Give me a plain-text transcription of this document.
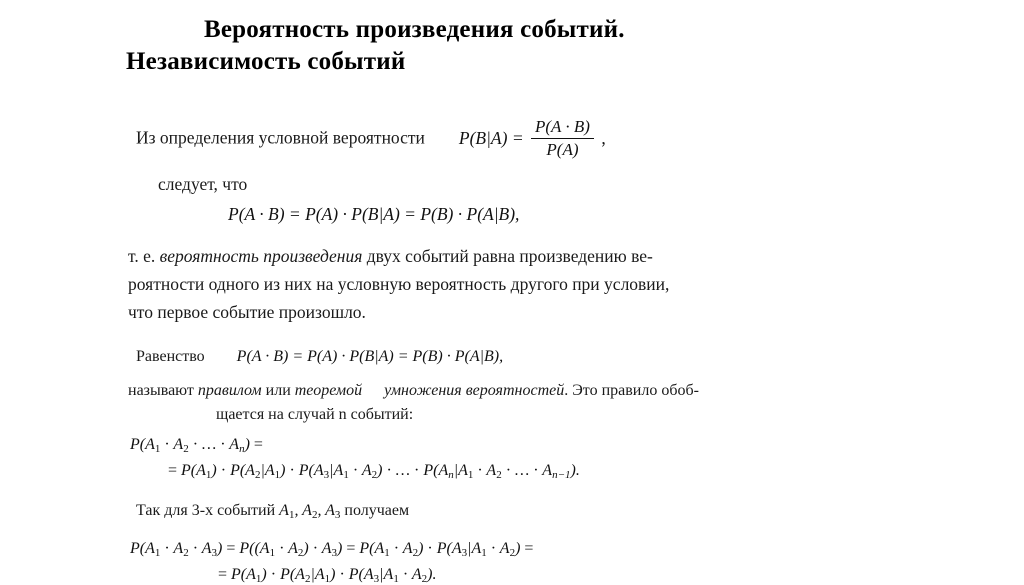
Вероятность произведения событий.
Независимость событий
Из определения условной вероятности $P(B|A) = \frac{P(A \cdot B)}{P(A)}$ ,
следует, что
P(A · B) = P(A) · P(B|A) = P(B) · P(A|B),
т. е. вероятность произведения двух событий равна произведению ве-
роятности одного из них на условную вероятность другого при условии,
что первое событие произошло.
Равенство P(A · B) = P(A) · P(B|A) = P(B) · P(A|B),
называют правилом или теоремой умножения вероятностей. Это правило обоб-
щается на случай n событий:
$P(A_1 \cdot A_2$ · … · An) =
= $P(A_1) \cdot P(A_2|A_1) \cdot P(A_3|A_1 \cdot A_2)$ · … · $P(An|A_1 \cdot A_2$ · … · An−1).
Так для 3-х событий $A_1$, $A_2$, $A_3$ получаем
$P(A_1 \cdot A_2 \cdot A_3) = P((A_1 \cdot A_2) \cdot A_3) = P(A_1 \cdot A_2) \cdot P(A_3|A_1 \cdot A_2)$ =
= $P(A_1) \cdot P(A_2|A_1) \cdot P(A_3|A_1 \cdot A_2)$.
